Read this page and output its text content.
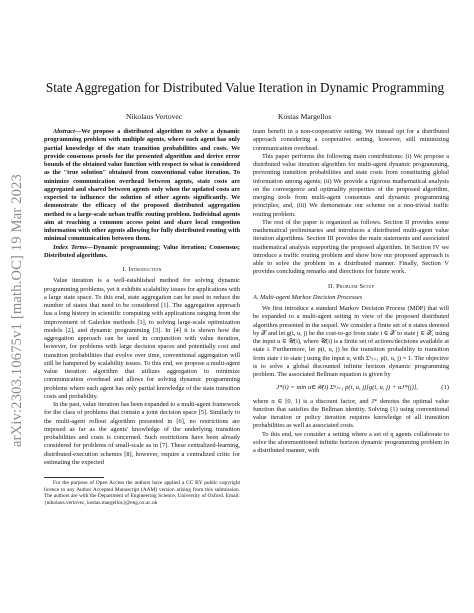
arXiv:2303.10675v1 [math.OC] 19 Mar 2023
State Aggregation for Distributed Value Iteration in Dynamic Programming
Nikolaus Vertovec	Kostas Margellos

Abstract—We propose a distributed algorithm to solve a dynamic programming problem with multiple agents, where each agent has only partial knowledge of the state transition probabilities and costs. We provide consensus proofs for the presented algorithm and derive error bounds of the obtained value function with respect to what is considered as the "true solution" obtained from conventional value iteration. To minimize communication overhead between agents, state costs are aggregated and shared between agents only when the updated costs are expected to influence the solution of other agents significantly. We demonstrate the efficacy of the proposed distributed aggregation method to a large-scale urban traffic routing problem. Individual agents aim at reaching a common access point and share local congestion information with other agents allowing for fully distributed routing with minimal communication between them.

Index Terms—Dynamic programming; Value iteration; Consensus; Distributed algorithms.

I. Introduction

Value iteration is a well-established method for solving dynamic programming problems, yet it exhibits scalability issues for applications with a large state space. To this end, state aggregation can be used to reduce the number of states that need to be considered [1]. The aggregation approach has a long history in scientific computing with applications ranging from the improvement of Galerkin methods [1], to solving large-scale optimization models [2], and dynamic programming [3]. In [4] it is shown how the aggregation approach can be used in conjunction with value iteration, however, for problems with large decision spaces and potentially cost and transition probabilities that evolve over time, conventional aggregation will still be hampered by scalability issues. To this end, we propose a multi-agent value iteration algorithm that utilizes aggregation to minimize communication overhead and allows for solving dynamic programming problems where each agent has only partial knowledge of the state transition costs and probability.

In the past, value iteration has been expanded to a multi-agent framework for the class of problems that contain a joint decision space [5]. Similarly to the multi-agent rollout algorithm presented in [6], no restrictions are imposed as far as the agents' knowledge of the underlying transition probabilities and costs is concerned. Such restrictions have been already considered for problems of small-scale as in [7]. These centralized-learning, distributed-execution schemes [8], however, require a centralized critic for estimating the expected

For the purpose of Open Access the authors have applied a CC BY public copyright licence to any Author Accepted Manuscript (AAM) version arising from this submission. The authors are with the Department of Engineering Science, University of Oxford. Email: {nikolaus.vertovec, kostas.margellos}@eng.ox.ac.uk

team benefit in a non-cooperative setting. We instead opt for a distributed approach considering a cooperative setting, however, still minimizing communication overhead.

This paper performs the following main contributions: (i) We propose a distributed value iteration algorithm for multi-agent dynamic programming, preventing transition probabilities and state costs from constituting global information among agents; (ii) We provide a rigorous mathematical analysis on the convergence and optimality properties of the proposed algorithm, merging tools from multi-agent consensus and dynamic programming principles; and, (iii) We demonstrate our scheme on a non-trivial traffic routing problem.

The rest of the paper is organized as follows. Section II provides some mathematical preliminaries and introduces a distributed multi-agent value iteration algorithms. Section III provides the main statements and associated mathematical analysis supporting the proposed algorithm. In Section IV we introduce a traffic routing problem and show how our proposed approach is able to solve the problem in a distributed manner. Finally, Section V provides concluding remarks and directions for future work.

II. Problem Setup
A. Multi-agent Markov Decision Processes

We first introduce a standard Markov Decision Process (MDP) that will be expanded to a multi-agent setting in view of the proposed distributed algorithm presented in the sequel. We consider a finite set of n states denoted by 𝒳 and let g(i, u, j) be the cost-to-go from state i ∈ 𝒳 to state j ∈ 𝒳, using the input u ∈ 𝒰(i), where 𝒰(i) is a finite set of actions/decisions available at state i. Furthermore, let p(i, u, j) be the transition probability to transition from state i to state j using the input u, with Σⁿⱼ₌₁ p(i, u, j) = 1. The objective is to solve a global discounted infinite horizon dynamic programming problem. The associated Bellman equation is given by

J*(i) = min u∈𝒰(i) Σⁿⱼ₌₁ p(i, u, j)[g(i, u, j) + αJ*(j)],	(1)

where α ∈ [0, 1) is a discount factor, and J* denotes the optimal value function that satisfies the Bellman identity. Solving (1) using conventional value iteration or policy iteration requires knowledge of all transition probabilities as well as associated costs.

To this end, we consider a setting where a set of q agents collaborate to solve the aforementioned infinite horizon dynamic programming problem in a distributed manner, with
